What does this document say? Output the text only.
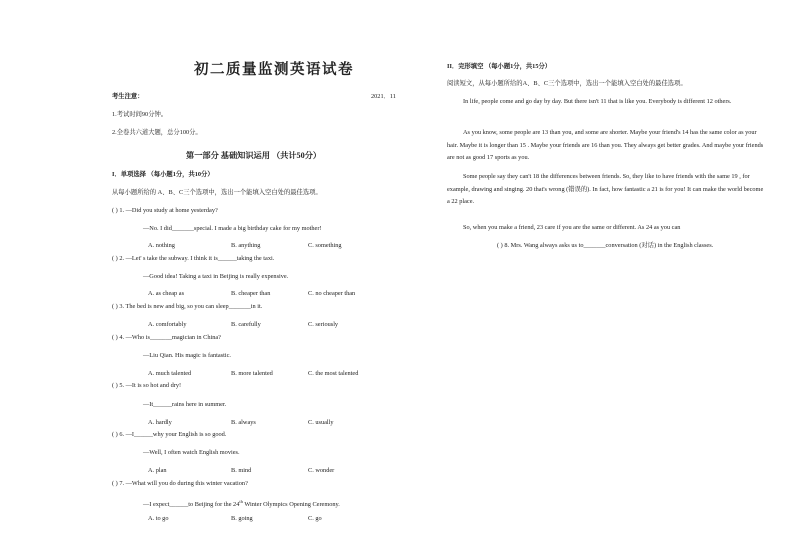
初二质量监测英语试卷
考生注意：	2021．11
1.考试时间90分钟。
2.全卷共六道大题，总分100分。
第一部分 基础知识运用 （共计50分）
I．单项选择 （每小题1分，共10分）
从每小题所给的 A、B、C三个选项中，选出一个能填入空白处的最佳选项。
( ) 1. —Did you study at home yesterday?
—No. I did_______special. I made a big birthday cake for my mother!
A. nothing	B. anything	C. something
( ) 2. —Let' s take the subway. I think it is______taking the taxi.
—Good idea! Taking a taxi in Beijing is really expensive.
A. as cheap as	B. cheaper than	C. no cheaper than
( ) 3. The bed is new and big, so you can sleep_______in it.
A. comfortably	B. carefully	C. seriously
( ) 4. —Who is_______magician in China?
—Liu Qian. His magic is fantastic.
A. much talented	B. more talented	C. the most talented
( ) 5. —It is so hot and dry!
—It______rains here in summer.
A. hardly	B. always	C. usually
( ) 6. —I______why your English is so good.
—Well, I often watch English movies.
A. plan	B. mind	C. wonder
( ) 7. —What will you do during this winter vacation?
—I expect______to Beijing for the 24th Winter Olympics Opening Ceremony.
A. to go	B. going	C. go
II．完形填空 （每小题1分，共15分）
阅读短文，从每小题所给的A、B、C三个选项中，选出一个能填入空白处的最佳选项。
In life, people come and go day by day. But there isn't 11 that is like you. Everybody is different 12 others.
As you know, some people are 13 than you, and some are shorter. Maybe your friend's 14 has the same color as your hair. Maybe it is longer than 15 . Maybe your friends are 16 than you. They always get better grades. And maybe your friends are not as good 17 sports as you.
Some people say they can't 18 the differences between friends. So, they like to have friends with the same 19 , for example, drawing and singing. 20 that's wrong (错误的). In fact, how fantastic a 21 is for you! It can make the world become a 22 place.
So, when you make a friend, 23 care if you are the same or different. As 24 as you can
( ) 8. Mrs. Wang always asks us to_______conversation (对话) in the English classes.
